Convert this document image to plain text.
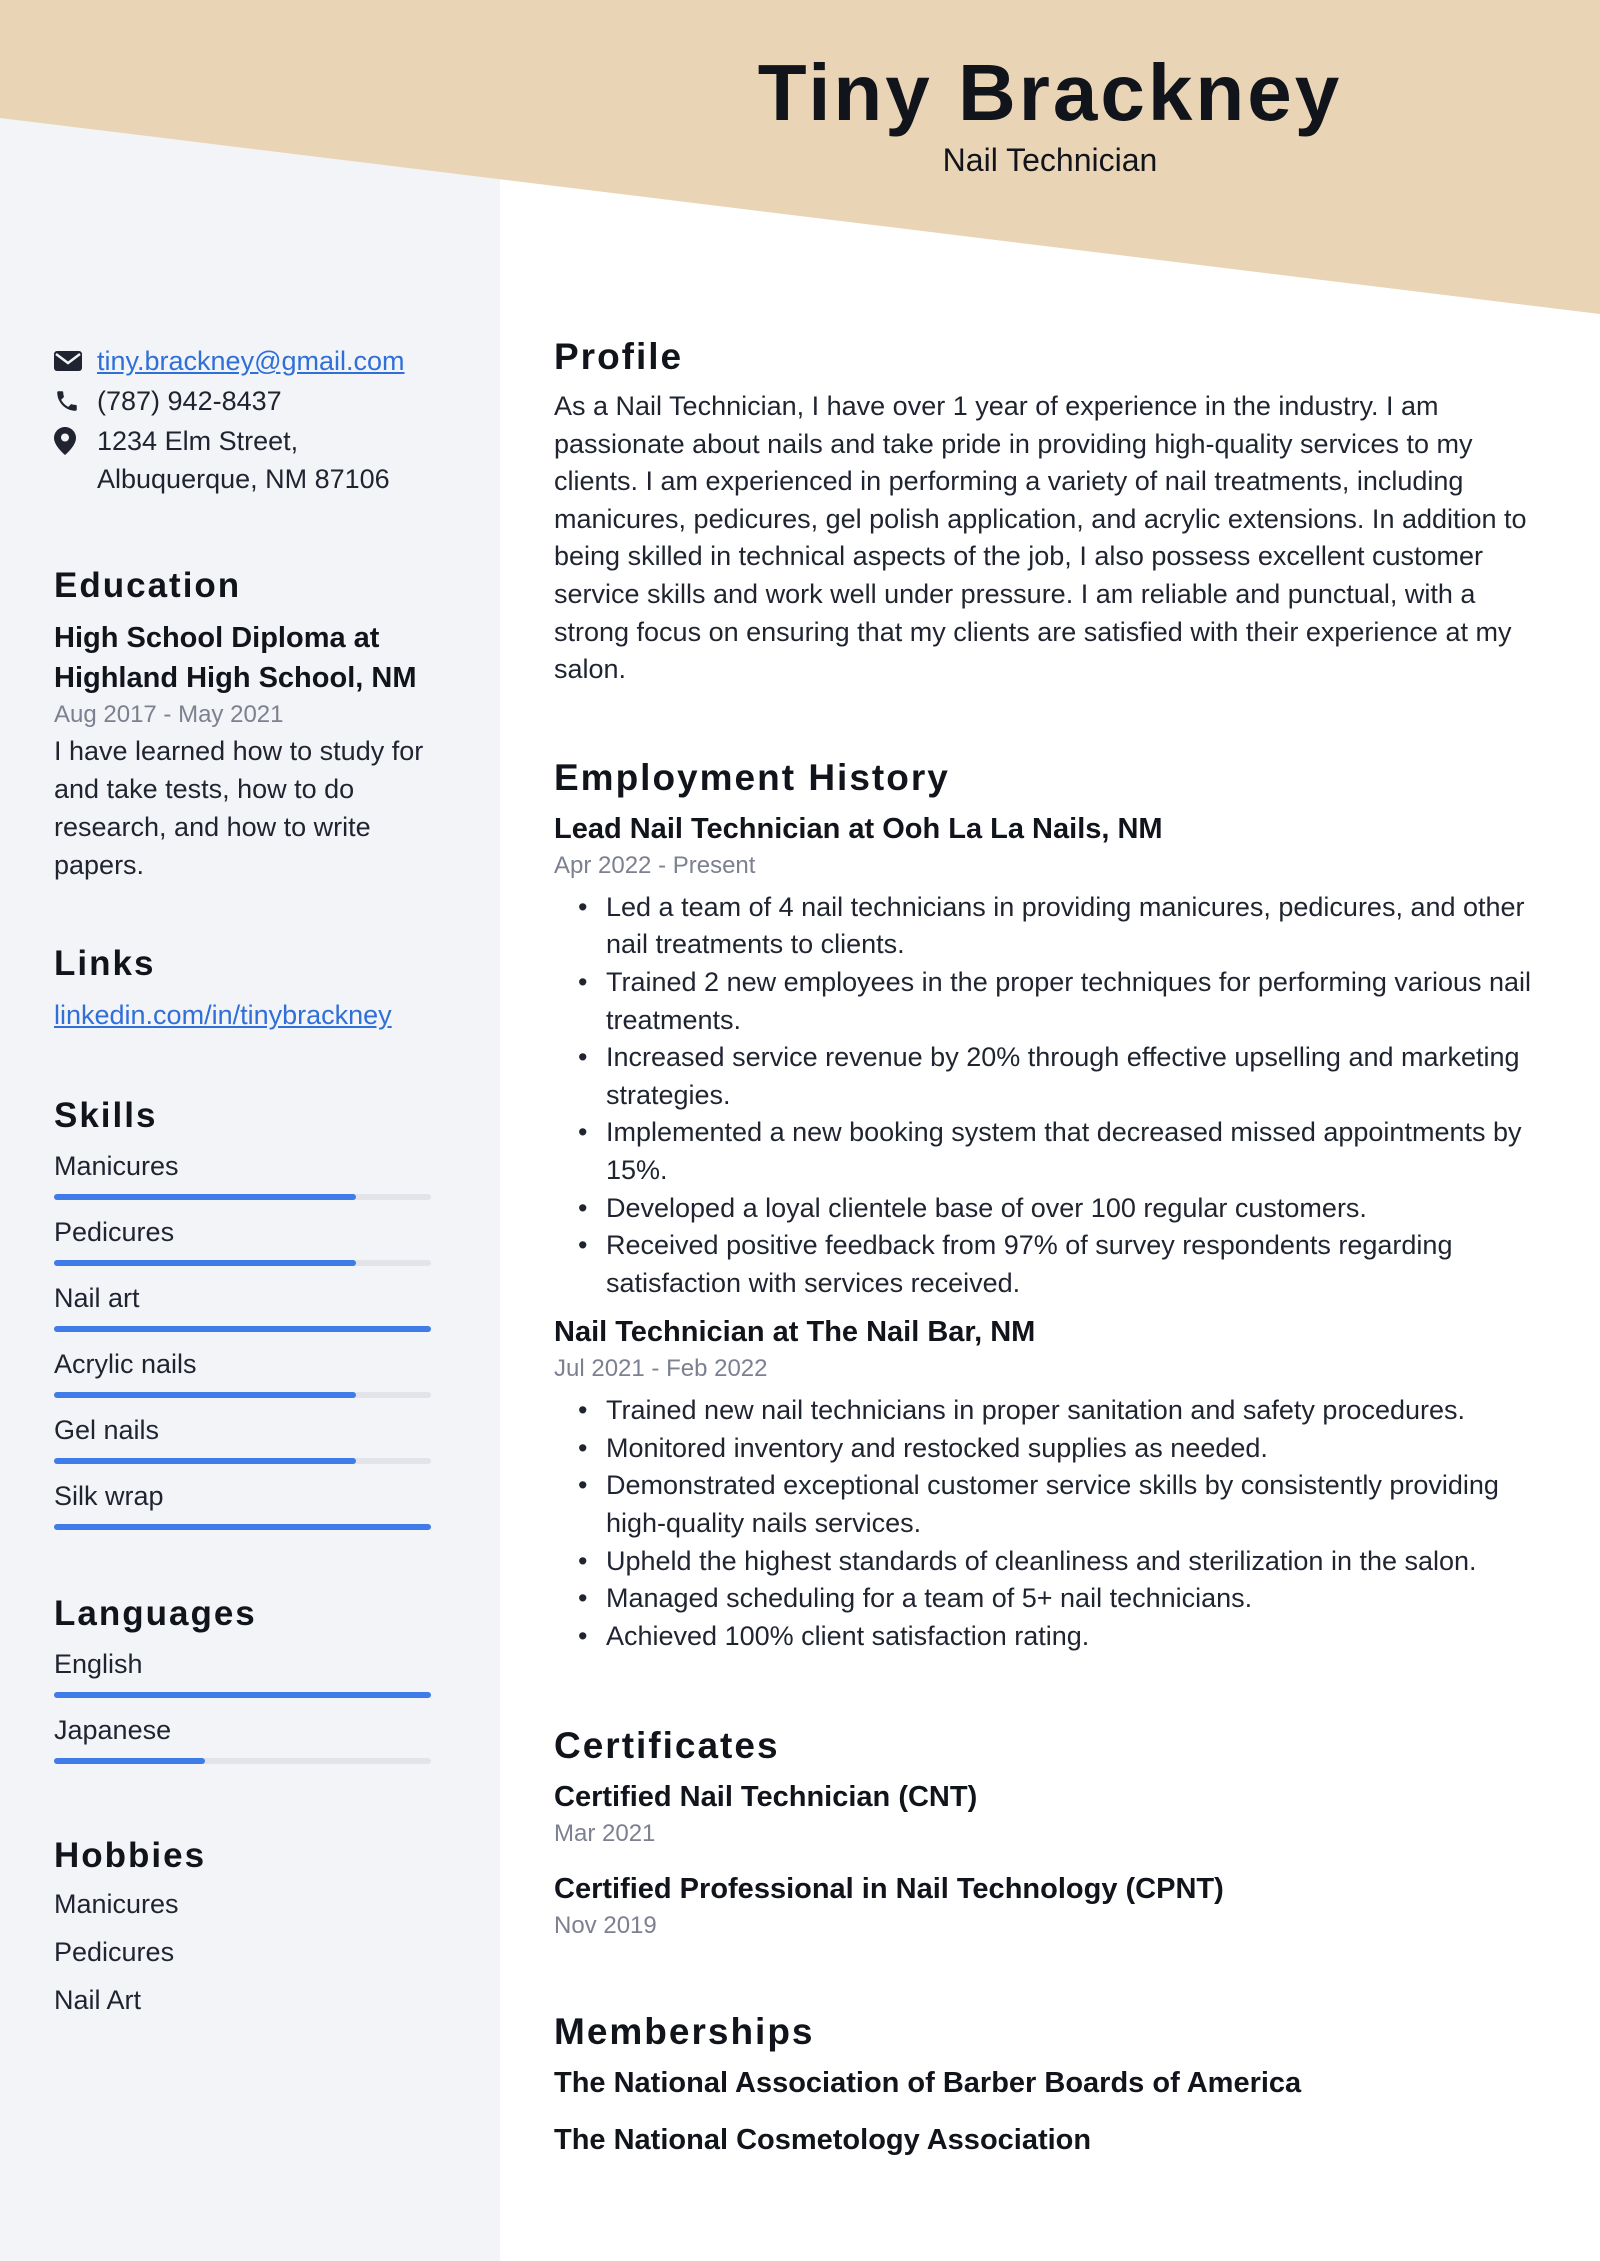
Tiny Brackney
Nail Technician
tiny.brackney@gmail.com
(787) 942-8437
1234 Elm Street,
Albuquerque, NM 87106
Education
High School Diploma at Highland High School, NM
Aug 2017 - May 2021
I have learned how to study for and take tests, how to do research, and how to write papers.
Links
linkedin.com/in/tinybrackney
Skills
Manicures
Pedicures
Nail art
Acrylic nails
Gel nails
Silk wrap
Languages
English
Japanese
Hobbies
Manicures
Pedicures
Nail Art
Profile
As a Nail Technician, I have over 1 year of experience in the industry. I am passionate about nails and take pride in providing high-quality services to my clients. I am experienced in performing a variety of nail treatments, including manicures, pedicures, gel polish application, and acrylic extensions. In addition to being skilled in technical aspects of the job, I also possess excellent customer service skills and work well under pressure. I am reliable and punctual, with a strong focus on ensuring that my clients are satisfied with their experience at my salon.
Employment History
Lead Nail Technician at Ooh La La Nails, NM
Apr 2022 - Present
• Led a team of 4 nail technicians in providing manicures, pedicures, and other nail treatments to clients.
• Trained 2 new employees in the proper techniques for performing various nail treatments.
• Increased service revenue by 20% through effective upselling and marketing strategies.
• Implemented a new booking system that decreased missed appointments by 15%.
• Developed a loyal clientele base of over 100 regular customers.
• Received positive feedback from 97% of survey respondents regarding satisfaction with services received.
Nail Technician at The Nail Bar, NM
Jul 2021 - Feb 2022
• Trained new nail technicians in proper sanitation and safety procedures.
• Monitored inventory and restocked supplies as needed.
• Demonstrated exceptional customer service skills by consistently providing high-quality nails services.
• Upheld the highest standards of cleanliness and sterilization in the salon.
• Managed scheduling for a team of 5+ nail technicians.
• Achieved 100% client satisfaction rating.
Certificates
Certified Nail Technician (CNT)
Mar 2021
Certified Professional in Nail Technology (CPNT)
Nov 2019
Memberships
The National Association of Barber Boards of America
The National Cosmetology Association
